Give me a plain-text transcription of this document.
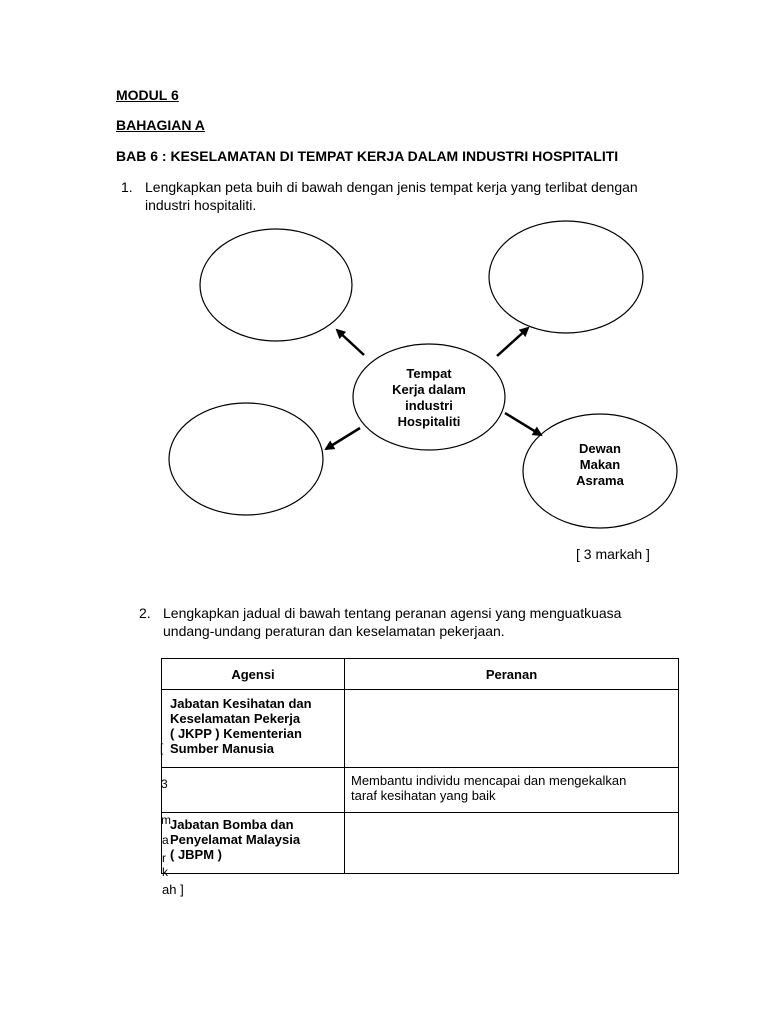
MODUL 6
BAHAGIAN A
BAB 6 : KESELAMATAN DI TEMPAT KERJA DALAM INDUSTRI HOSPITALITI
1. Lengkapkan peta buih di bawah dengan jenis tempat kerja yang terlibat dengan
industri hospitaliti.
Tempat
Kerja dalam
industri
Hospitaliti
Dewan
Makan
Asrama
[ 3 markah ]
2. Lengkapkan jadual di bawah tentang peranan agensi yang menguatkuasa
undang-undang peraturan dan keselamatan pekerjaan.
Agensi	Peranan

Jabatan Kesihatan dan
Keselamatan Pekerja
( JKPP ) Kementerian
Sumber Manusia	

	Membantu individu mencapai dan mengekalkan
taraf kesihatan yang baik

Jabatan Bomba dan
Penyelamat Malaysia
( JBPM )	

[
3
m
a
r
k
ah ]
